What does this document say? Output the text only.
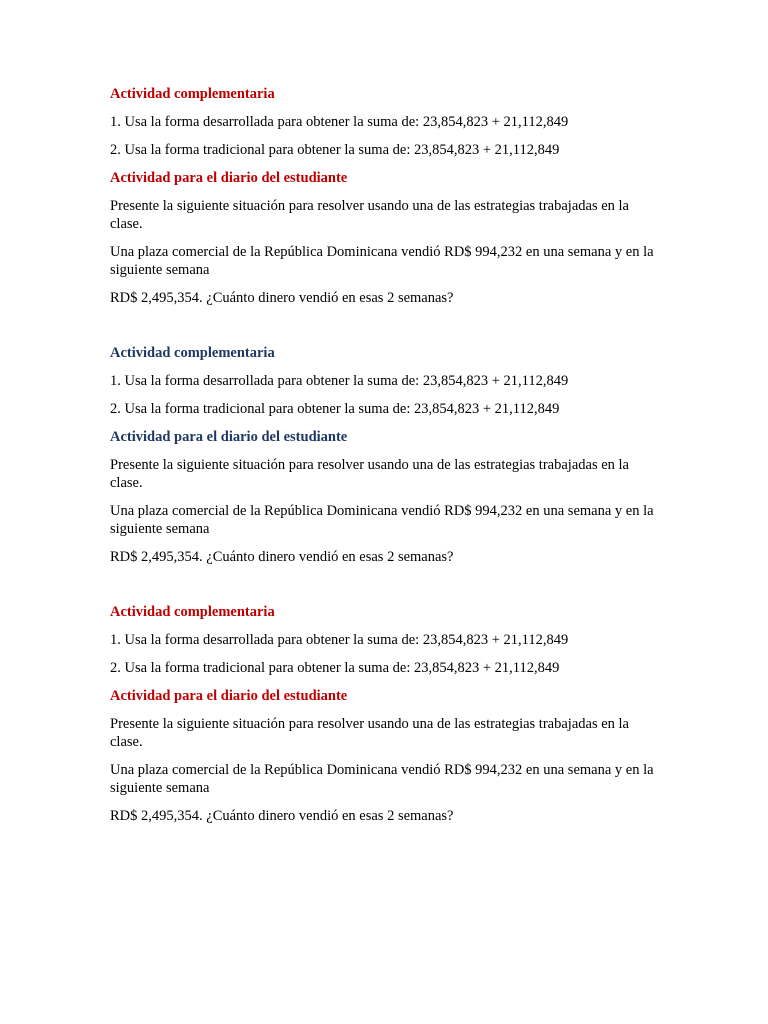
Actividad complementaria

1. Usa la forma desarrollada para obtener la suma de: 23,854,823 + 21,112,849

2. Usa la forma tradicional para obtener la suma de: 23,854,823 + 21,112,849

Actividad para el diario del estudiante

Presente la siguiente situación para resolver usando una de las estrategias trabajadas en la clase.

Una plaza comercial de la República Dominicana vendió RD$ 994,232 en una semana y en la siguiente semana

RD$ 2,495,354. ¿Cuánto dinero vendió en esas 2 semanas?

Actividad complementaria

1. Usa la forma desarrollada para obtener la suma de: 23,854,823 + 21,112,849

2. Usa la forma tradicional para obtener la suma de: 23,854,823 + 21,112,849

Actividad para el diario del estudiante

Presente la siguiente situación para resolver usando una de las estrategias trabajadas en la clase.

Una plaza comercial de la República Dominicana vendió RD$ 994,232 en una semana y en la siguiente semana

RD$ 2,495,354. ¿Cuánto dinero vendió en esas 2 semanas?

Actividad complementaria

1. Usa la forma desarrollada para obtener la suma de: 23,854,823 + 21,112,849

2. Usa la forma tradicional para obtener la suma de: 23,854,823 + 21,112,849

Actividad para el diario del estudiante

Presente la siguiente situación para resolver usando una de las estrategias trabajadas en la clase.

Una plaza comercial de la República Dominicana vendió RD$ 994,232 en una semana y en la siguiente semana

RD$ 2,495,354. ¿Cuánto dinero vendió en esas 2 semanas?
